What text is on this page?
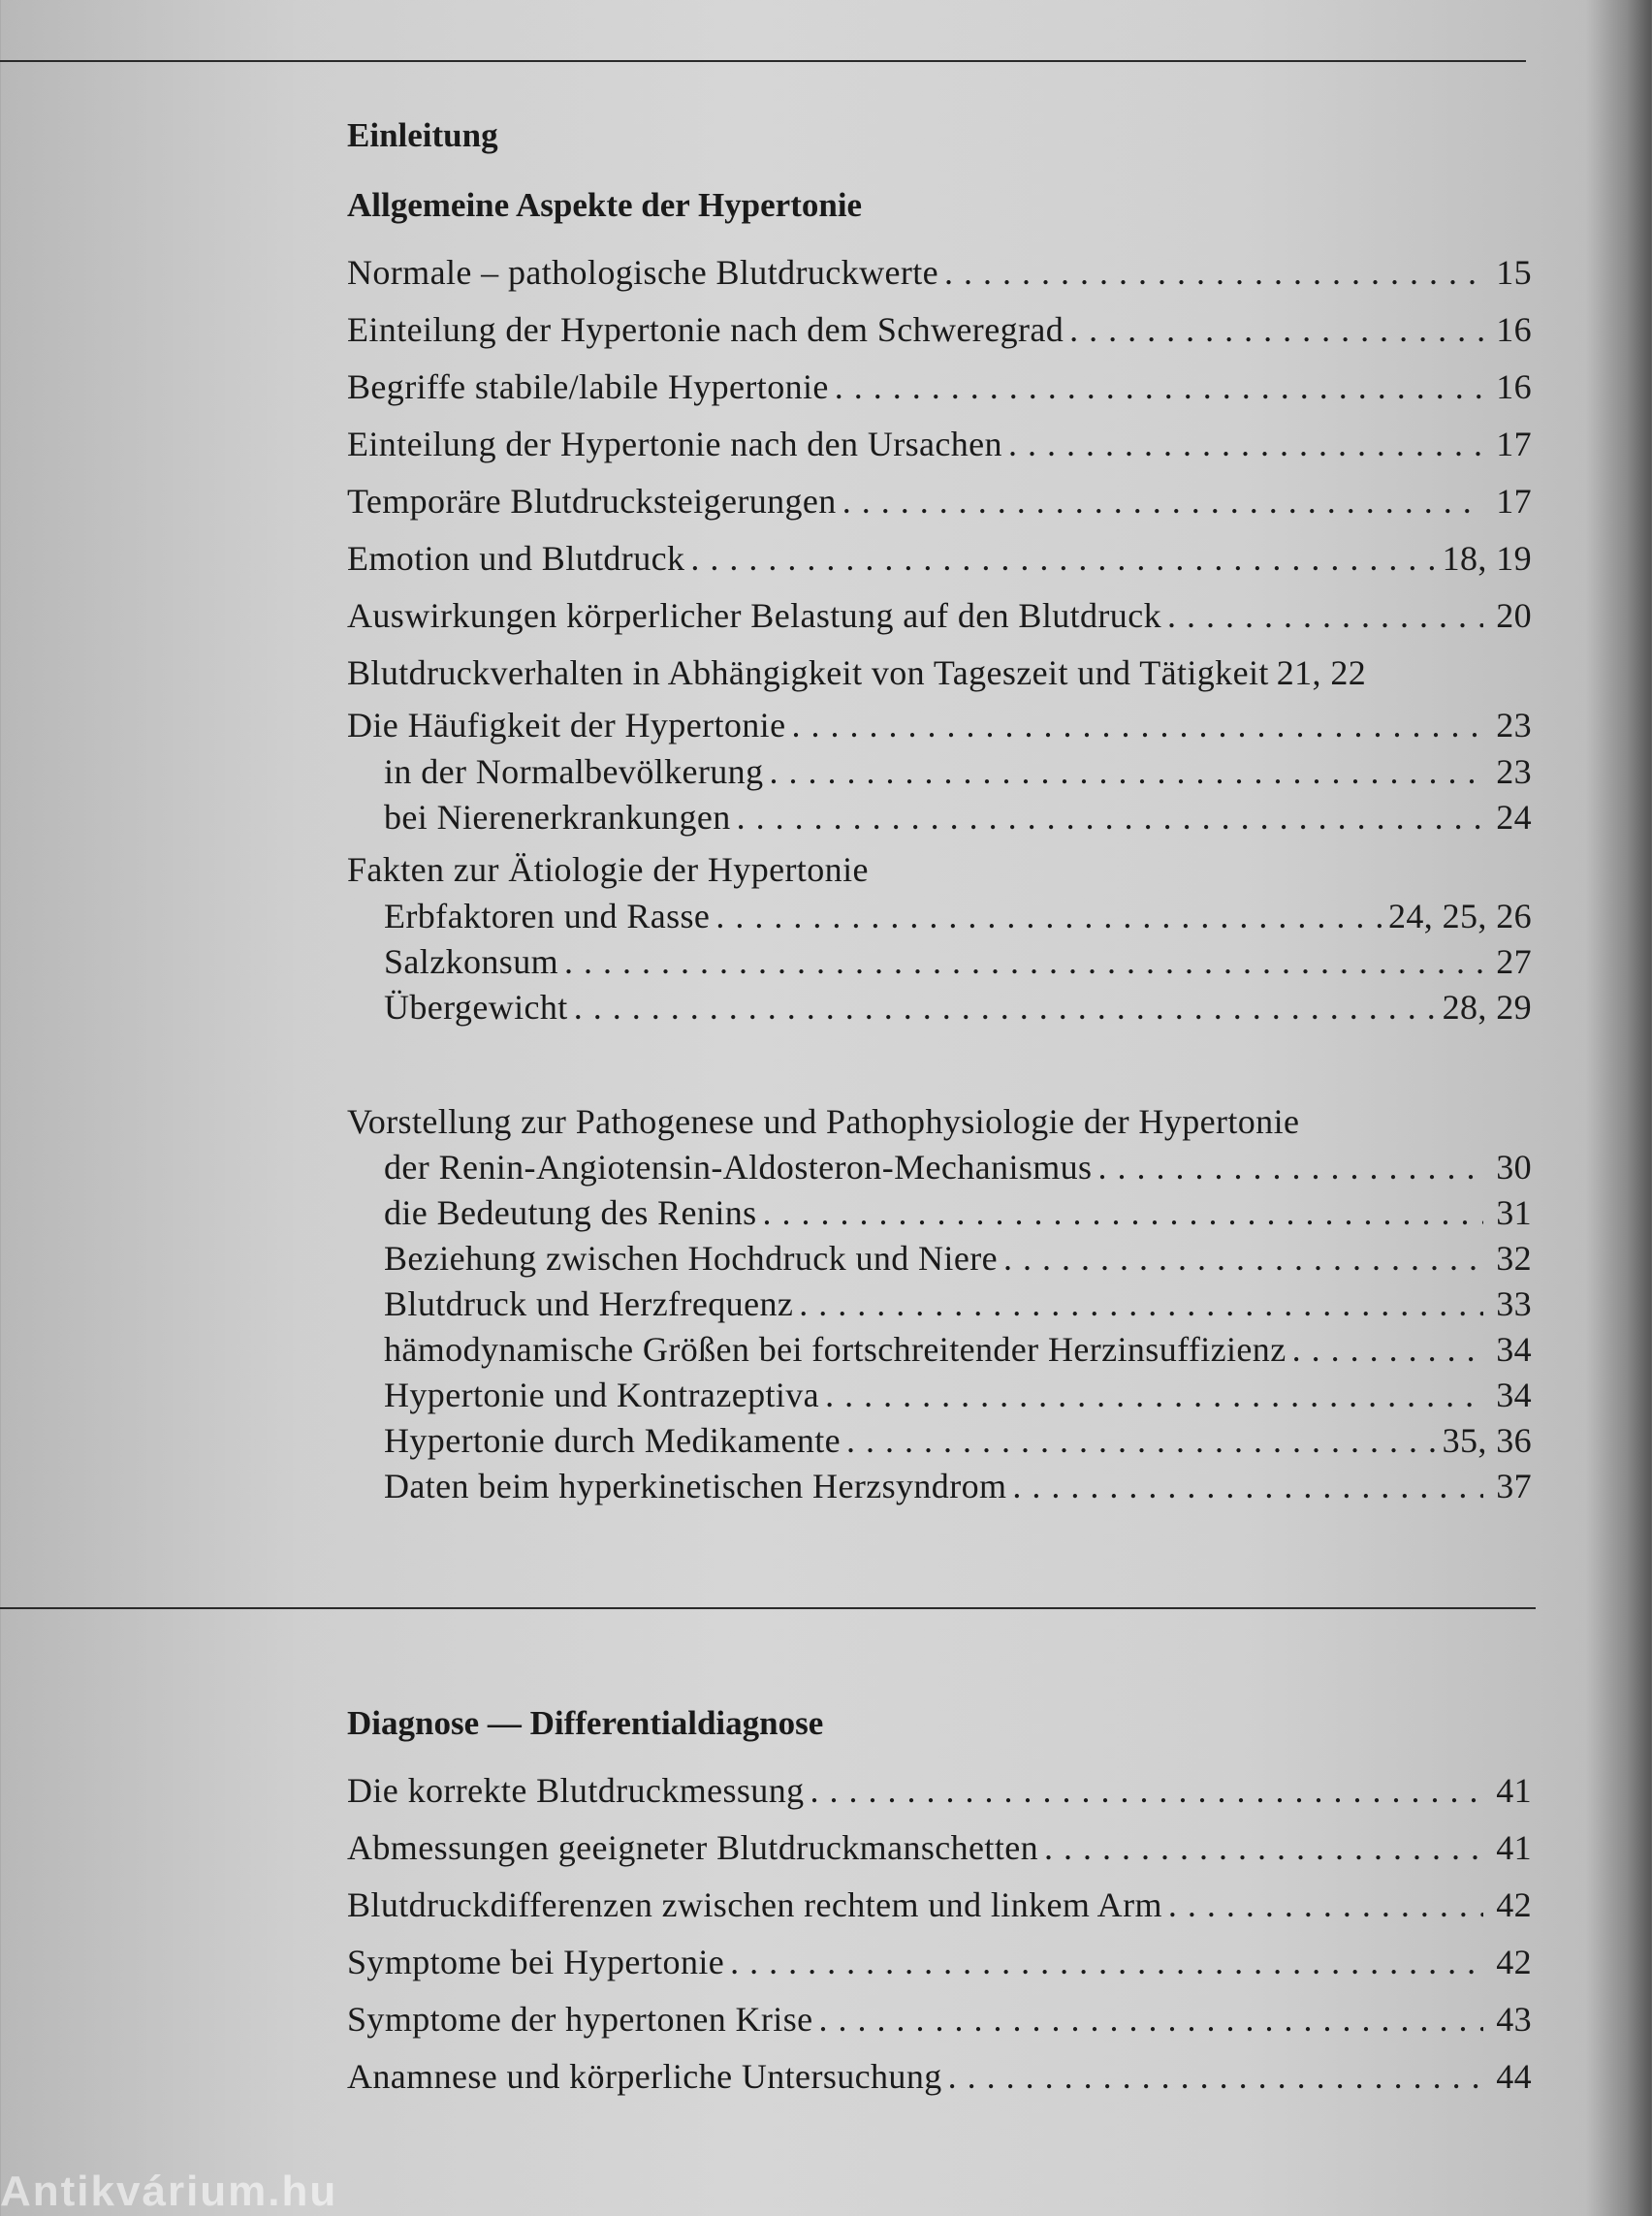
Einleitung
Allgemeine Aspekte der Hypertonie
Normale – pathologische Blutdruckwerte . . .	15
Einteilung der Hypertonie nach dem Schweregrad . . .	16
Begriffe stabile/labile Hypertonie . . .	16
Einteilung der Hypertonie nach den Ursachen . . .	17
Temporäre Blutdrucksteigerungen . . .	17
Emotion und Blutdruck . . .	18, 19
Auswirkungen körperlicher Belastung auf den Blutdruck . . .	20
Blutdruckverhalten in Abhängigkeit von Tageszeit und Tätigkeit 21, 22
Die Häufigkeit der Hypertonie . . .	23
in der Normalbevölkerung . . .	23
bei Nierenerkrankungen . . .	24
Fakten zur Ätiologie der Hypertonie
Erbfaktoren und Rasse . . .	24, 25, 26
Salzkonsum . . .	27
Übergewicht . . .	28, 29
Vorstellung zur Pathogenese und Pathophysiologie der Hypertonie
der Renin-Angiotensin-Aldosteron-Mechanismus . . .	30
die Bedeutung des Renins . . .	31
Beziehung zwischen Hochdruck und Niere . . .	32
Blutdruck und Herzfrequenz . . .	33
hämodynamische Größen bei fortschreitender Herzinsuffizienz . . .	34
Hypertonie und Kontrazeptiva . . .	34
Hypertonie durch Medikamente . . .	35, 36
Daten beim hyperkinetischen Herzsyndrom . . .	37
Diagnose — Differentialdiagnose
Die korrekte Blutdruckmessung . . .	41
Abmessungen geeigneter Blutdruckmanschetten . . .	41
Blutdruckdifferenzen zwischen rechtem und linkem Arm . . .	42
Symptome bei Hypertonie . . .	42
Symptome der hypertonen Krise . . .	43
Anamnese und körperliche Untersuchung . . .	44
Antikvárium.hu
